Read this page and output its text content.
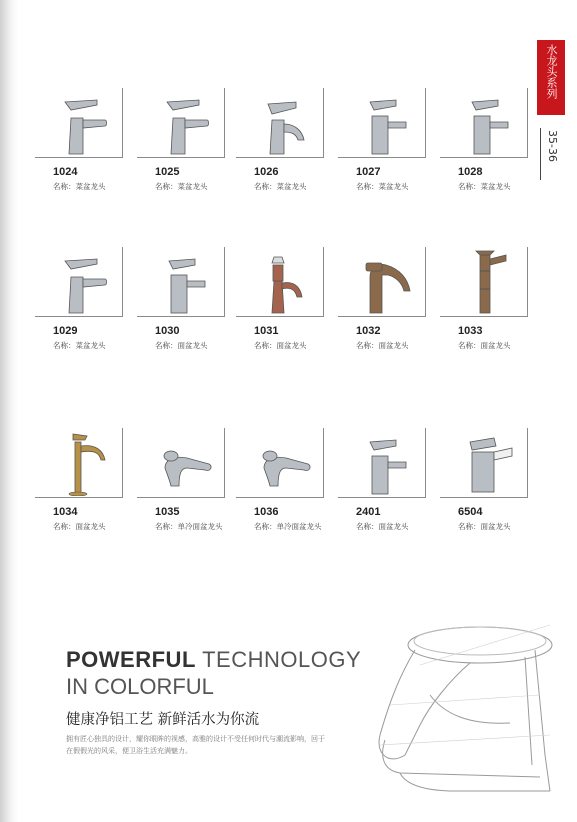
水龙头系列
35-36
1024
名称：菜盆龙头
1025
名称：菜盆龙头
1026
名称：菜盆龙头
1027
名称：菜盆龙头
1028
名称：菜盆龙头
1029
名称：菜盆龙头
1030
名称：面盆龙头
1031
名称：面盆龙头
1032
名称：面盆龙头
1033
名称：面盆龙头
1034
名称：面盆龙头
1035
名称：单冷面盆龙头
1036
名称：单冷面盆龙头
2401
名称：面盆龙头
6504
名称：面盆龙头
POWERFUL TECHNOLOGY
IN COLORFUL
健康净铝工艺 新鲜活水为你流
拥有匠心独具的设计，耀你眼眸的视感，高雅的设计不受任何时代与潮流影响，回于在假假光的风采，便卫浴生活充满魅力。
